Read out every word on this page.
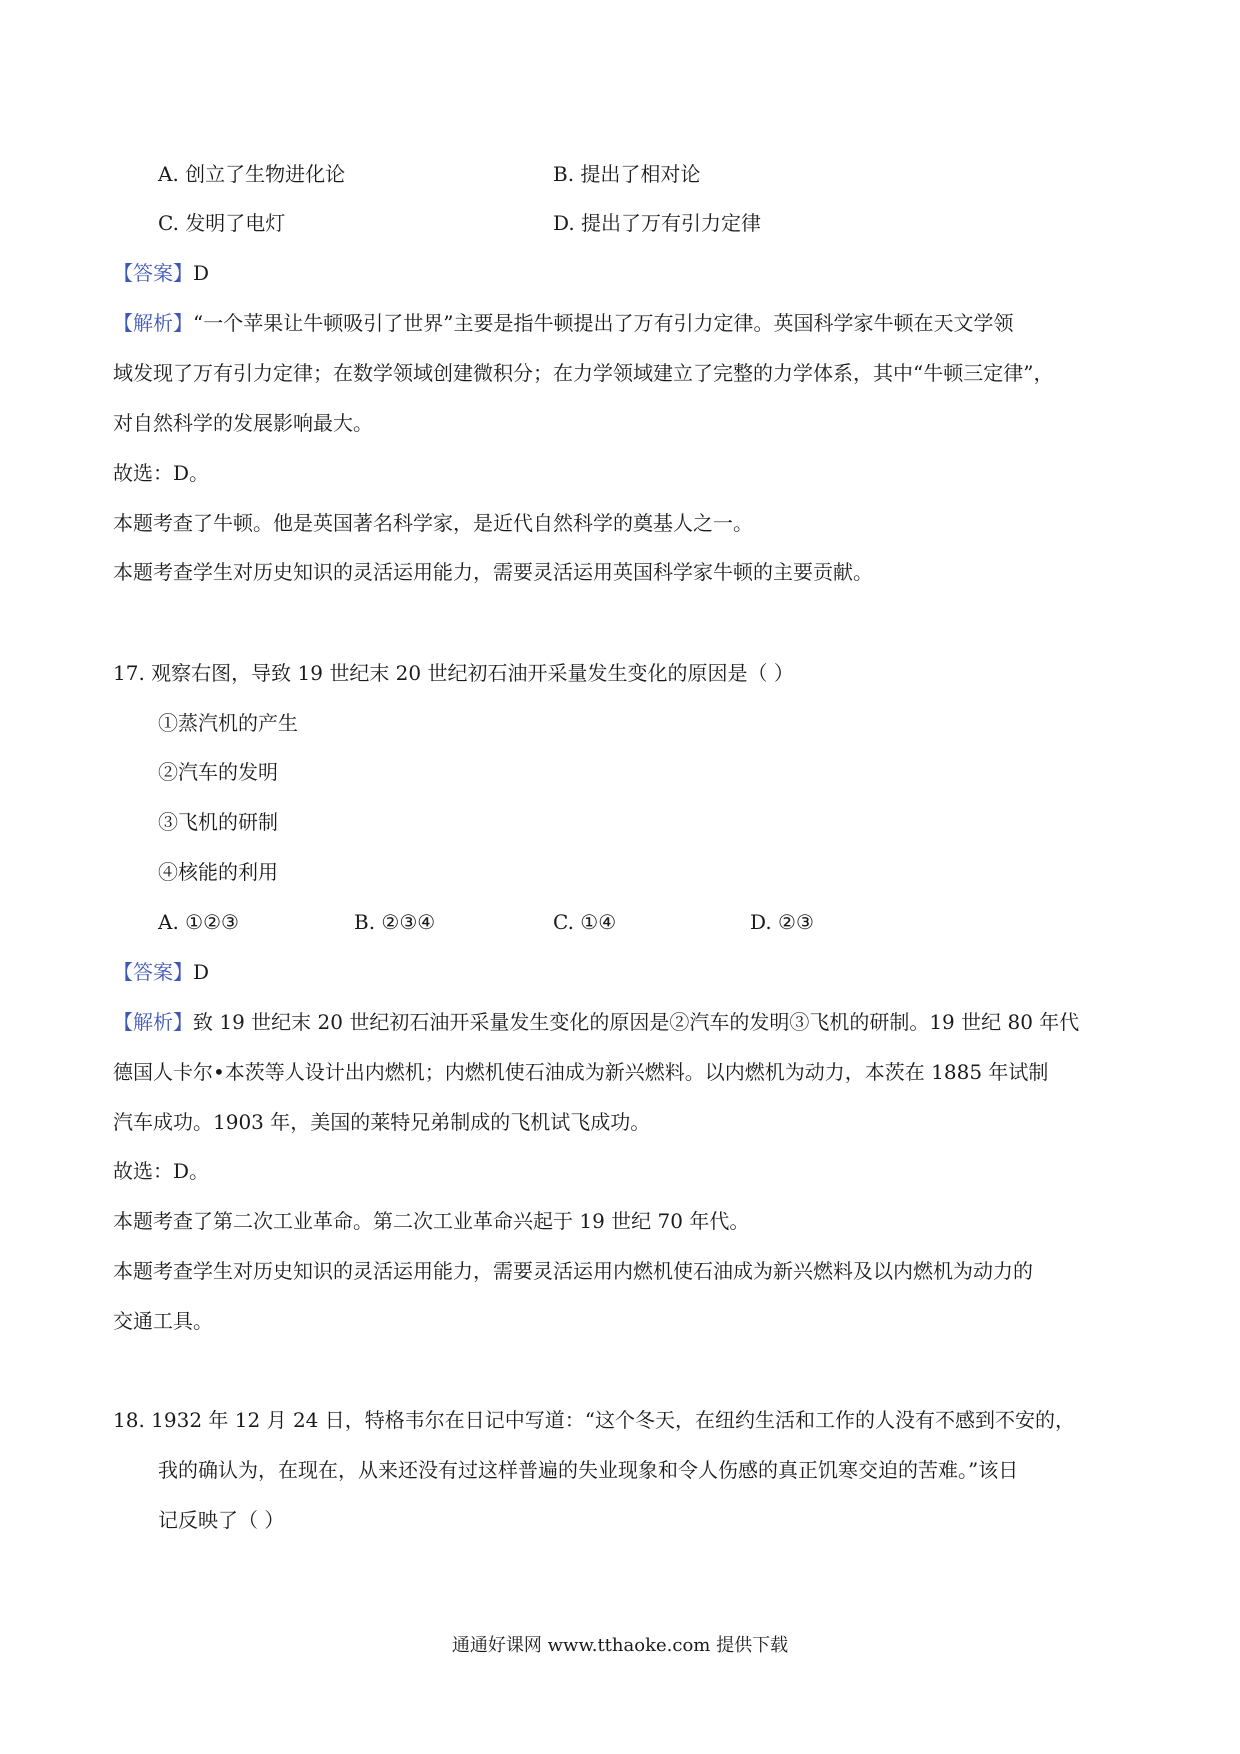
A. 创立了生物进化论	B. 提出了相对论
C. 发明了电灯	D. 提出了万有引力定律
【答案】D
【解析】“一个苹果让牛顿吸引了世界”主要是指牛顿提出了万有引力定律。英国科学家牛顿在天文学领
域发现了万有引力定律；在数学领域创建微积分；在力学领域建立了完整的力学体系，其中“牛顿三定律”，
对自然科学的发展影响最大。
故选：D。
本题考查了牛顿。他是英国著名科学家，是近代自然科学的奠基人之一。
本题考查学生对历史知识的灵活运用能力，需要灵活运用英国科学家牛顿的主要贡献。
17. 观察右图，导致 19 世纪末 20 世纪初石油开采量发生变化的原因是（ ）
①蒸汽机的产生
②汽车的发明
③飞机的研制
④核能的利用
A. ①②③	B. ②③④	C. ①④	D. ②③
【答案】D
【解析】致 19 世纪末 20 世纪初石油开采量发生变化的原因是②汽车的发明③飞机的研制。19 世纪 80 年代
德国人卡尔•本茨等人设计出内燃机；内燃机使石油成为新兴燃料。以内燃机为动力，本茨在 1885 年试制
汽车成功。1903 年，美国的莱特兄弟制成的飞机试飞成功。
故选：D。
本题考查了第二次工业革命。第二次工业革命兴起于 19 世纪 70 年代。
本题考查学生对历史知识的灵活运用能力，需要灵活运用内燃机使石油成为新兴燃料及以内燃机为动力的
交通工具。
18. 1932 年 12 月 24 日，特格韦尔在日记中写道：“这个冬天，在纽约生活和工作的人没有不感到不安的，
我的确认为，在现在，从来还没有过这样普遍的失业现象和令人伤感的真正饥寒交迫的苦难。”该日
记反映了（ ）
通通好课网 www.tthaoke.com 提供下载
